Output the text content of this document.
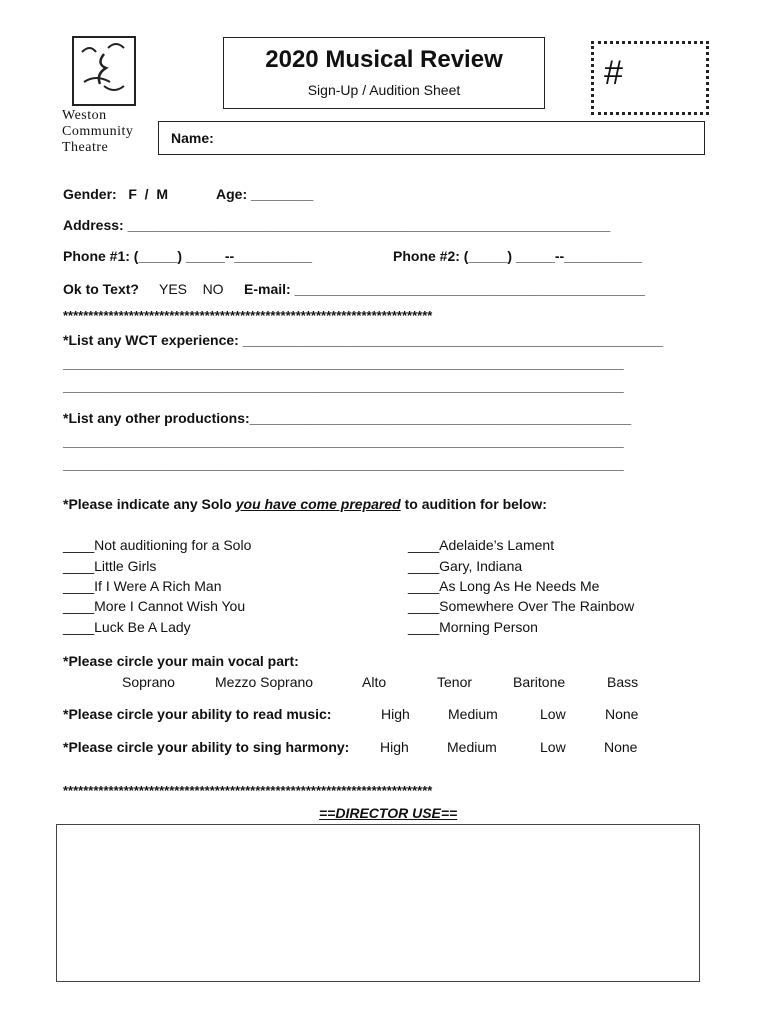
Weston
Community
Theatre
2020 Musical Review
Sign-Up / Audition Sheet	#
Name:
Gender:   F  /  M	Age: ________
Address: ______________________________________________________________
Phone #1: (_____) _____--__________	Phone #2: (_____) _____--__________
Ok to Text? YES    NO E-mail: _____________________________________________
*************************************************************************
*List any WCT experience: ______________________________________________________
________________________________________________________________________
________________________________________________________________________
*List any other productions:_________________________________________________
________________________________________________________________________
________________________________________________________________________
*Please indicate any Solo you have come prepared to audition for below:
____Not auditioning for a Solo
____Little Girls
____If I Were A Rich Man
____More I Cannot Wish You
____Luck Be A Lady
____Adelaide’s Lament
____Gary, Indiana
____As Long As He Needs Me
____Somewhere Over The Rainbow
____Morning Person
*Please circle your main vocal part:
Soprano	Mezzo Soprano	Alto	Tenor	Baritone	Bass
*Please circle your ability to read music:	High	Medium	Low	None
*Please circle your ability to sing harmony: High	Medium	Low	None
*************************************************************************
==DIRECTOR USE==
